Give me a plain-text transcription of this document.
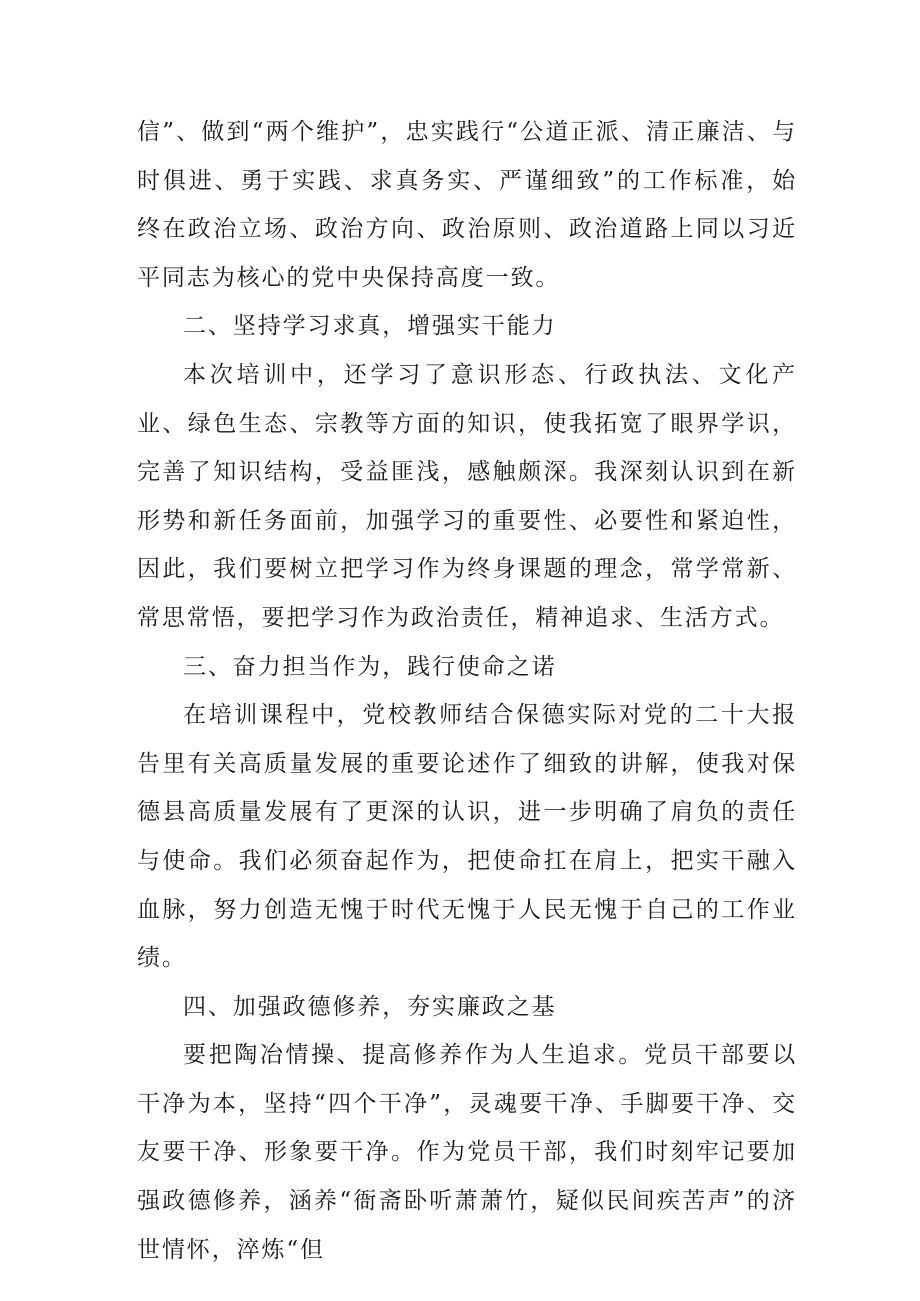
信”、做到“两个维护”，忠实践行“公道正派、清正廉洁、与时俱进、勇于实践、求真务实、严谨细致”的工作标准，始终在政治立场、政治方向、政治原则、政治道路上同以习近平同志为核心的党中央保持高度一致。

二、坚持学习求真，增强实干能力

本次培训中，还学习了意识形态、行政执法、文化产业、绿色生态、宗教等方面的知识，使我拓宽了眼界学识，完善了知识结构，受益匪浅，感触颇深。我深刻认识到在新形势和新任务面前，加强学习的重要性、必要性和紧迫性，因此，我们要树立把学习作为终身课题的理念，常学常新、常思常悟，要把学习作为政治责任，精神追求、生活方式。

三、奋力担当作为，践行使命之诺

在培训课程中，党校教师结合保德实际对党的二十大报告里有关高质量发展的重要论述作了细致的讲解，使我对保德县高质量发展有了更深的认识，进一步明确了肩负的责任与使命。我们必须奋起作为，把使命扛在肩上，把实干融入血脉，努力创造无愧于时代无愧于人民无愧于自己的工作业绩。

四、加强政德修养，夯实廉政之基

要把陶冶情操、提高修养作为人生追求。党员干部要以干净为本，坚持“四个干净”，灵魂要干净、手脚要干净、交友要干净、形象要干净。作为党员干部，我们时刻牢记要加强政德修养，涵养“衙斋卧听萧萧竹，疑似民间疾苦声”的济世情怀，淬炼“但
